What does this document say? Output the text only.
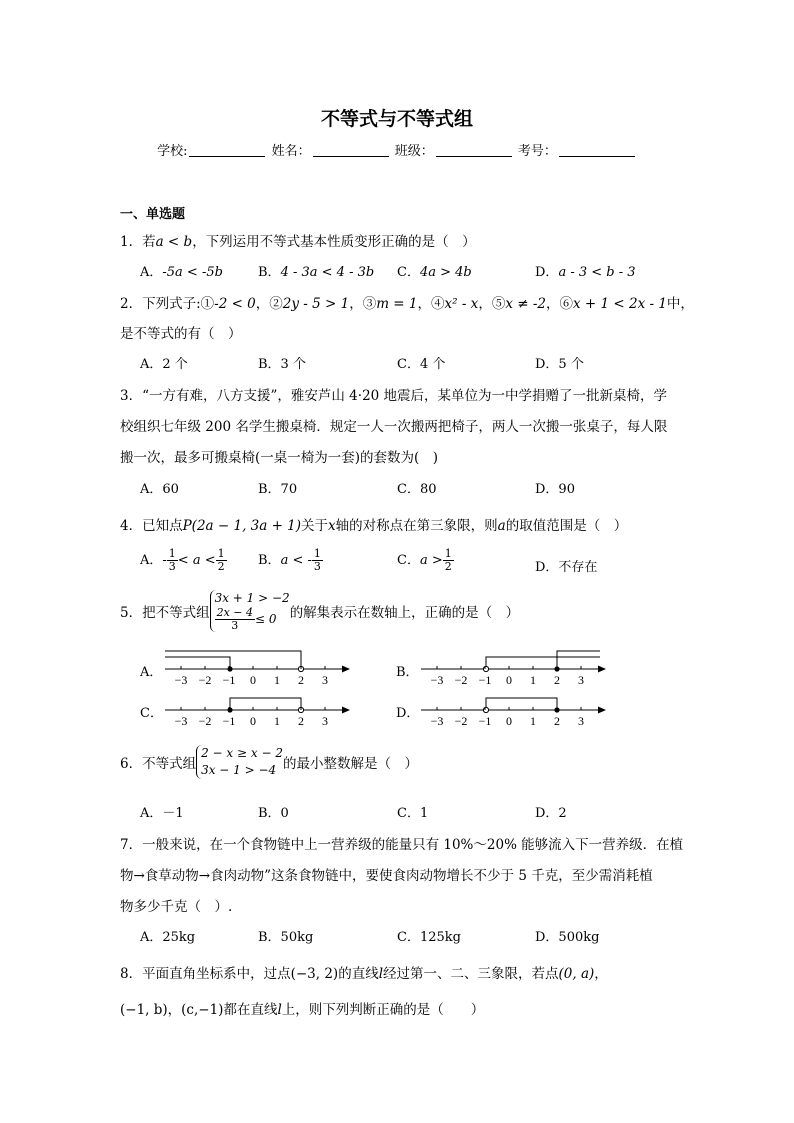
不等式与不等式组
学校:	姓名：	班级：	考号：
一、单选题
1．若a < b，下列运用不等式基本性质变形正确的是（　）
A．-5a < -5b	B．4 - 3a < 4 - 3b C．4a > 4b	D．a - 3 < b - 3
2．下列式子:①-2 < 0，②2y - 5 > 1，③m = 1，④x² - x，⑤x ≠ -2，⑥x + 1 < 2x - 1中，
是不等式的有（　）
A．2 个	B．3 个	C．4 个	D．5 个
3．“一方有难，八方支援”，雅安芦山 4·20 地震后，某单位为一中学捐赠了一批新桌椅，学
校组织七年级 200 名学生搬桌椅．规定一人一次搬两把椅子，两人一次搬一张桌子，每人限
搬一次，最多可搬桌椅(一桌一椅为一套)的套数为(　)
A．60	B．70	C．80	D．90
4．已知点P(2a − 1, 3a + 1)关于x轴的对称点在第三象限，则a的取值范围是（　）
A．- $\frac{1}{3} < a < \frac{1}{2}$ B．a < - $\frac{1}{3}$	C．$a > \frac{1}{2}$	D．不存在
5．把不等式组
3x + 1 > −2
$\frac{2x - 4}{3} \le 0$ 的解集表示在数轴上，正确的是（　）
A．	B．
C．	D．
−3 −2 −1 0 1 2 3	−3 −2 −1 0 1 2 3
−3 −2 −1 0 1 2 3	−3 −2 −1 0 1 2 3
6．不等式组
2 − x ≥ x − 2
3x − 1 > −4 的最小整数解是（　）
A．－1	B．0	C．1	D．2
7．一般来说，在一个食物链中上一营养级的能量只有 10%～20% 能够流入下一营养级．在植
物→食草动物→食肉动物”这条食物链中，要使食肉动物增长不少于 5 千克，至少需消耗植
物多少千克（　）.
A．25kg	B．50kg	C．125kg	D．500kg
8．平面直角坐标系中，过点(−3, 2)的直线l经过第一、二、三象限，若点(0, a)，
(−1, b)，(c,−1)都在直线l上，则下列判断正确的是（　　）
